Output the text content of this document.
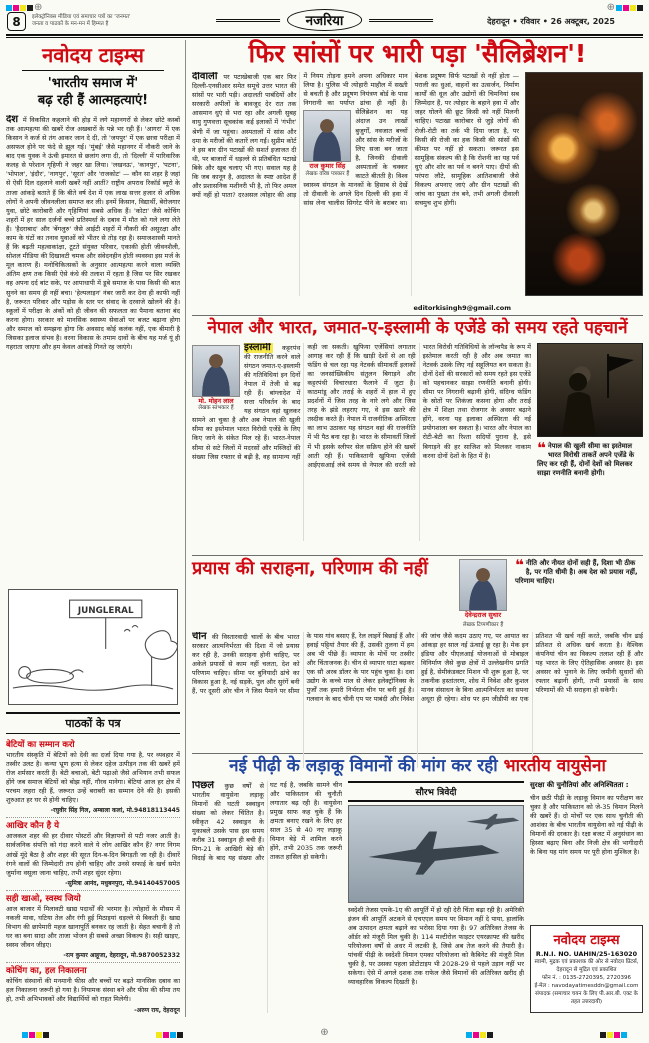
⊕
8	इलेक्ट्रॉनिक्स मीडिया एवं समाचार पत्रों का 'जनमत'
जनता व पाठकों के मन-मन में हिम्मत है	नजरिया	देहरादून • रविवार • 26 अक्टूबर, 2025
⊕
नवोदय टाइम्स
'भारतीय समाज में'
बढ़ रही हैं आत्महत्याएं!
देश में विकसित कहलाने की होड़ में लगे महानगरों से लेकर छोटे कस्बों तक आत्महत्या की खबरें रोज अखबारों के पन्ने भर रही हैं। 'आगरा' में एक किसान ने कर्ज से तंग आकर जान दे दी, तो 'जयपुर' में एक छात्रा परीक्षा में असफल होने पर फंदे से झूल गई। 'मुंबई' जैसे महानगर में नौकरी जाने के बाद एक युवक ने ऊंची इमारत से छलांग लगा दी, तो 'दिल्ली' में पारिवारिक कलह से परेशान गृहिणी ने जहर खा लिया। 'लखनऊ', 'कानपुर', 'पटना', 'भोपाल', 'इंदौर', 'नागपुर', 'सूरत' और 'राजकोट' — कौन सा शहर है जहां से ऐसी दिल दहलाने वाली खबरें नहीं आतीं? राष्ट्रीय अपराध रिकॉर्ड ब्यूरो के ताजा आंकड़े बताते हैं कि बीते वर्ष देश में एक लाख सत्तर हजार से अधिक लोगों ने अपनी जीवनलीला समाप्त कर ली। इनमें किसान, विद्यार्थी, बेरोजगार युवा, छोटे कारोबारी और गृहिणियां सबसे अधिक हैं। 'कोटा' जैसे कोचिंग शहरों में हर साल दर्जनों बच्चे प्रतिस्पर्धा के दबाव में मौत को गले लगा लेते हैं। 'हैदराबाद' और 'बेंगलुरु' जैसे आईटी शहरों में नौकरी की असुरक्षा और काम के घंटों का तनाव युवाओं को भीतर से तोड़ रहा है। समाजशास्त्री मानते हैं कि बढ़ती महत्वाकांक्षा, टूटते संयुक्त परिवार, एकाकी होती जीवनशैली, सोशल मीडिया की दिखावटी चमक और संवेदनहीन होती व्यवस्था इस मर्ज के मूल कारण हैं। मनोचिकित्सकों के अनुसार आत्महत्या करने वाला व्यक्ति अंतिम क्षण तक किसी ऐसे कंधे की तलाश में रहता है जिस पर सिर रखकर वह अपना दर्द बांट सके, पर आपाधापी में डूबे समाज के पास किसी की बात सुनने का समय ही नहीं बचा। 'हेल्पलाइन' नंबर जारी कर देना ही काफी नहीं है, जरूरत परिवार और पड़ोस के स्तर पर संवाद के दरवाजे खोलने की है। स्कूलों में परीक्षा के अंकों को ही जीवन की सफलता का पैमाना बताना बंद करना होगा। सरकार को मानसिक स्वास्थ्य सेवाओं पर बजट बढ़ाना होगा और समाज को समझना होगा कि अवसाद कोई कलंक नहीं, एक बीमारी है जिसका इलाज संभव है। वरना विकास के तमाम दावों के बीच यह मर्ज यूं ही गहराता जाएगा और हम केवल आंकड़े गिनते रह जाएंगे।
JUNGLERAL
पाठकों के पत्र
बेटियों का सम्मान करो
भारतीय संस्कृति में बेटियों को देवी का दर्जा दिया गया है, पर व्यवहार में तस्वीर उलट है। कन्या भ्रूण हत्या से लेकर दहेज उत्पीड़न तक की खबरें हमें रोज शर्मसार करती हैं। बेटी बचाओ, बेटी पढ़ाओ जैसे अभियान तभी सफल होंगे जब समाज बेटियों को बोझ नहीं, गौरव मानेगा। बेटियां आज हर क्षेत्र में परचम लहरा रही हैं, जरूरत उन्हें बराबरी का सम्मान देने की है। इसकी शुरुआत हर घर से होनी चाहिए।
-रघुवीर सिंह गिल, अम्बाला कलां, मो.94818113445
आखिर कौन है ये
आजकल शहर की हर दीवार पोस्टरों और विज्ञापनों से पटी नजर आती है। सार्वजनिक संपत्ति को गंदा करने वाले ये लोग आखिर कौन हैं? नगर निगम आंखें मूंदे बैठा है और शहर की सूरत दिन-ब-दिन बिगड़ती जा रही है। दीवारें रंगने वालों की जिम्मेदारी तय होनी चाहिए और उनसे सफाई के खर्च समेत जुर्माना वसूला जाना चाहिए, तभी शहर सुंदर रहेगा।
-सुमित्रा आनंद, मधुबनपुरा, मो.94140457005
सही खाओ, स्वस्थ जियो
आज बाजार में मिलावटी खाद्य पदार्थों की भरमार है। त्योहारों के मौसम में नकली मावा, घटिया तेल और रंगी हुई मिठाइयां धड़ल्ले से बिकती हैं। खाद्य विभाग की छापेमारी महज खानापूर्ति बनकर रह जाती है। सेहत बचानी है तो घर का बना सादा और ताजा भोजन ही सबसे अच्छा विकल्प है। सही खाइए, स्वस्थ जीवन जीइए।
-रत्न कुमार आहूजा, देहरादून, मो.9870052332
कोचिंग का, हल निकालना
कोचिंग संस्थानों की मनमानी फीस और बच्चों पर बढ़ते मानसिक दबाव का हल निकालना जरूरी हो गया है। नियामक संस्था बने और फीस की सीमा तय हो, तभी अभिभावकों और विद्यार्थियों को राहत मिलेगी।
-अरुण राय, देहरादून
फिर सांसों पर भारी पड़ा 'सैलिब्रेशन'!
दीवाली पर पटाखेबाजी एक बार फिर दिल्ली-एनसीआर समेत समूचे उत्तर भारत की सांसों पर भारी पड़ी। अदालती पाबंदियों और सरकारी अपीलों के बावजूद देर रात तक आसमान धुएं से भरा रहा और अगली सुबह वायु गुणवत्ता सूचकांक कई इलाकों में 'गंभीर' श्रेणी में जा पहुंचा। अस्पतालों में सांस और दमा के मरीजों की कतारें लग गईं। सुप्रीम कोर्ट ने इस बार ग्रीन पटाखों की सशर्त इजाजत दी थी, पर बाजारों में धड़ल्ले से प्रतिबंधित पटाखे बिके और खूब चलाए भी गए। सवाल यह है कि जब कानून है, अदालत के स्पष्ट आदेश हैं और प्रशासनिक मशीनरी भी है, तो फिर अमल क्यों नहीं हो पाता? दरअसल त्योहार की आड़ में नियम तोड़ना हमने अपना अधिकार मान लिया है। पुलिस भी त्योहारी माहौल में सख्ती से बचती है और प्रदूषण नियंत्रण बोर्ड के पास निगरानी का पर्याप्त ढांचा ही नहीं है।
राज कुमार सिंह
लेखक वरिष्ठ पत्रकार हैं
सेलिब्रेशन का यह अंदाज उन लाखों बुजुर्गों, नवजात बच्चों और सांस के मरीजों के लिए सजा बन जाता है, जिनकी दीवाली अस्पतालों के चक्कर काटते बीतती है। विश्व स्वास्थ्य संगठन के मानकों के हिसाब से देखें तो दीवाली के अगले दिन दिल्ली की हवा में सांस लेना चालीस सिगरेट पीने के बराबर था। बेशक प्रदूषण सिर्फ पटाखों से नहीं होता — पराली का धुआं, वाहनों का उत्सर्जन, निर्माण कार्यों की धूल और उद्योगों की चिमनियां सब जिम्मेदार हैं, पर त्योहार के बहाने हवा में और जहर घोलने की छूट किसी को नहीं मिलनी चाहिए। पटाखा कारोबार से जुड़े लोगों की रोजी-रोटी का तर्क भी दिया जाता है, पर किसी की रोजी का हक किसी की सांसों की कीमत पर नहीं हो सकता। जरूरत इस सामूहिक संकल्प की है कि रोशनी का यह पर्व धुएं और शोर का पर्व न बनने पाए। दीयों की परंपरा लौटे, सामूहिक आतिशबाजी जैसे विकल्प अपनाए जाएं और ग्रीन पटाखों की जांच का पुख्ता तंत्र बने, तभी अगली दीवाली सचमुच शुभ होगी।
editorkisingh9@gmail.com
नेपाल और भारत, जमात-ए-इस्लामी के एजेंडे को समय रहते पहचानें
इस्लामी
मो. मोहन लाल
लेखक स्तंभकार हैं
कट्टरपंथ की राजनीति करने वाले संगठन जमात-ए-इस्लामी की गतिविधियां इन दिनों नेपाल में तेजी से बढ़ रही हैं। बांग्लादेश में सत्ता परिवर्तन के बाद यह संगठन वहां खुलकर सामने आ चुका है और अब नेपाल की खुली सीमा का इस्तेमाल भारत विरोधी एजेंडे के लिए किए जाने के संकेत मिल रहे हैं। भारत-नेपाल सीमा से सटे जिलों में मदरसों और मस्जिदों की संख्या जिस रफ्तार से बढ़ी है, वह सामान्य नहीं कही जा सकती। खुफिया एजेंसियां लगातार आगाह कर रही हैं कि खाड़ी देशों से आ रही फंडिंग से चल रहा यह नेटवर्क सीमावर्ती इलाकों का जनसांख्यिकीय संतुलन बिगाड़ने और कट्टरपंथी विचारधारा फैलाने में जुटा है। काठमांडू और तराई के शहरों में हाल में हुए प्रदर्शनों में जिस तरह के नारे लगे और जिस तरह के झंडे लहराए गए, वे इस खतरे की तस्दीक करते हैं। नेपाल में राजनीतिक अस्थिरता का लाभ उठाकर यह संगठन वहां की राजनीति में भी पैठ बना रहा है। भारत के सीमावर्ती जिलों में भी इसके स्लीपर सेल सक्रिय होने की खबरें आती रही हैं। पाकिस्तानी खुफिया एजेंसी आईएसआई लंबे समय से नेपाल की धरती को भारत विरोधी गतिविधियों के लॉन्चपैड के रूप में इस्तेमाल करती रही है और अब जमात का नेटवर्क उसके लिए नई सहूलियत बन सकता है। दोनों देशों की सरकारों को समय रहते इस एजेंडे को पहचानकर साझा रणनीति बनानी होगी। सीमा पर निगरानी बढ़ानी होगी, संदिग्ध फंडिंग के स्रोतों पर शिकंजा कसना होगा और तराई क्षेत्र में शिक्षा तथा रोजगार के अवसर बढ़ाने होंगे, वरना यह इलाका अस्थिरता की नई प्रयोगशाला बन सकता है। भारत और नेपाल का रोटी-बेटी का रिश्ता सदियों पुराना है, इसे बिगाड़ने की हर साजिश को मिलकर नाकाम करना दोनों देशों के हित में है।	❝ नेपाल की खुली सीमा का इस्तेमाल भारत विरोधी ताकतें अपने एजेंडे के लिए कर रही हैं, दोनों देशों को मिलकर साझा रणनीति बनानी होगी।
प्रयास की सराहना, परिणाम की नहीं
देवेन्द्रराज सुथार
लेखक टिप्पणीकार हैं
❝ नीति और नीयत दोनों सही हैं, दिशा भी ठीक है, पर गति धीमी है। अब देश को प्रयास नहीं, परिणाम चाहिए।
चीन की विस्तारवादी चालों के बीच भारत सरकार आत्मनिर्भरता की दिशा में जो प्रयास कर रही है, उनकी सराहना होनी चाहिए, पर अकेले प्रयासों से काम नहीं चलता, देश को परिणाम चाहिए। सीमा पर बुनियादी ढांचे का विकास हुआ है, नई सड़कें, पुल और सुरंगें बनी हैं, पर दूसरी ओर चीन ने जिस पैमाने पर सीमा के पास गांव बसाए हैं, रेल लाइनें बिछाई हैं और हवाई पट्टियां तैयार की हैं, उसकी तुलना में हम अब भी पीछे हैं। व्यापार के मोर्चे पर तस्वीर और चिंताजनक है। चीन से व्यापार घाटा बढ़कर एक सौ अरब डॉलर के पार पहुंच चुका है। दवा उद्योग के कच्चे माल से लेकर इलेक्ट्रॉनिक्स के पुर्जों तक हमारी निर्भरता चीन पर बनी हुई है। गलवान के बाद चीनी एप पर पाबंदी और निवेश की जांच जैसे कदम उठाए गए, पर आयात का आंकड़ा हर साल नई ऊंचाई छू रहा है। मेक इन इंडिया और पीएलआई योजनाओं से मोबाइल विनिर्माण जैसे कुछ क्षेत्रों में उल्लेखनीय प्रगति हुई है, सेमीकंडक्टर मिशन भी शुरू हुआ है, पर तकनीक हस्तांतरण, शोध में निवेश और कुशल मानव संसाधन के बिना आत्मनिर्भरता का सपना अधूरा ही रहेगा। शोध पर हम जीडीपी का एक प्रतिशत भी खर्च नहीं करते, जबकि चीन ढाई प्रतिशत से अधिक खर्च करता है। वैश्विक कंपनियां चीन का विकल्प तलाश रही हैं और यह भारत के लिए ऐतिहासिक अवसर है। इस अवसर को भुनाने के लिए जमीनी सुधारों की रफ्तार बढ़ानी होगी, तभी प्रयासों के साथ परिणामों की भी सराहना हो सकेगी।
नई पीढ़ी के लड़ाकू विमानों की मांग कर रही भारतीय वायुसेना
पिछले कुछ वर्षों से भारतीय वायुसेना लड़ाकू विमानों की घटती स्क्वाड्रन संख्या को लेकर चिंतित है। स्वीकृत 42 स्क्वाड्रन के मुकाबले उसके पास इस समय करीब 31 स्क्वाड्रन ही बची हैं। मिग-21 के आखिरी बेड़े की विदाई के बाद यह संख्या और घट गई है, जबकि सामने चीन और पाकिस्तान की चुनौती लगातार बढ़ रही है। वायुसेना प्रमुख साफ कह चुके हैं कि क्षमता बनाए रखने के लिए हर साल 35 से 40 नए लड़ाकू विमान बेड़े में शामिल करने होंगे, तभी 2035 तक जरूरी ताकत हासिल हो सकेगी।
सौरभ त्रिवेदी
स्वदेशी तेजस एमके-1ए की आपूर्ति में हो रही देरी चिंता बढ़ा रही है। अमेरिकी इंजन की आपूर्ति अटकने से एचएएल समय पर विमान नहीं दे पाया, हालांकि अब उत्पादन क्षमता बढ़ाने का भरोसा दिया गया है। 97 अतिरिक्त तेजस के ऑर्डर को मंजूरी मिल चुकी है। 114 मल्टीरोल फाइटर एयरक्राफ्ट की खरीद परियोजना वर्षों से अधर में लटकी है, जिसे अब तेज करने की तैयारी है। पांचवीं पीढ़ी के स्वदेशी विमान एमका परियोजना को कैबिनेट की मंजूरी मिल चुकी है, पर उसका पहला प्रोटोटाइप भी 2028-29 से पहले उड़ान नहीं भर सकेगा। ऐसे में अगले दशक तक राफेल जैसे विमानों की अतिरिक्त खरीद ही व्यावहारिक विकल्प दिखती है।
सुरक्षा की चुनौतियां और अनिश्चितता :
चीन छठी पीढ़ी के लड़ाकू विमान का परीक्षण कर चुका है और पाकिस्तान को जे-35 विमान मिलने की खबरें हैं। दो मोर्चों पर एक साथ चुनौती की आशंका के बीच भारतीय वायुसेना को नई पीढ़ी के विमानों की दरकार है। रक्षा बजट में अनुसंधान का हिस्सा बढ़ाए बिना और निजी क्षेत्र की भागीदारी के बिना यह मांग समय पर पूरी होना मुश्किल है।
नवोदय टाइम्स
R.N.I. NO. UAHIN/25-163020
स्वामी, मुद्रक एवं प्रकाशक की ओर से नवोदय प्रिंटर्स, देहरादून से मुद्रित एवं प्रकाशित
फोन नं. : 0135-2720395, 2720396
ई-मेल : navodayatimesddn@gmail.com
संपादक (समाचार चयन के लिए पी.आर.बी. एक्ट के तहत उत्तरदायी)
⊕
